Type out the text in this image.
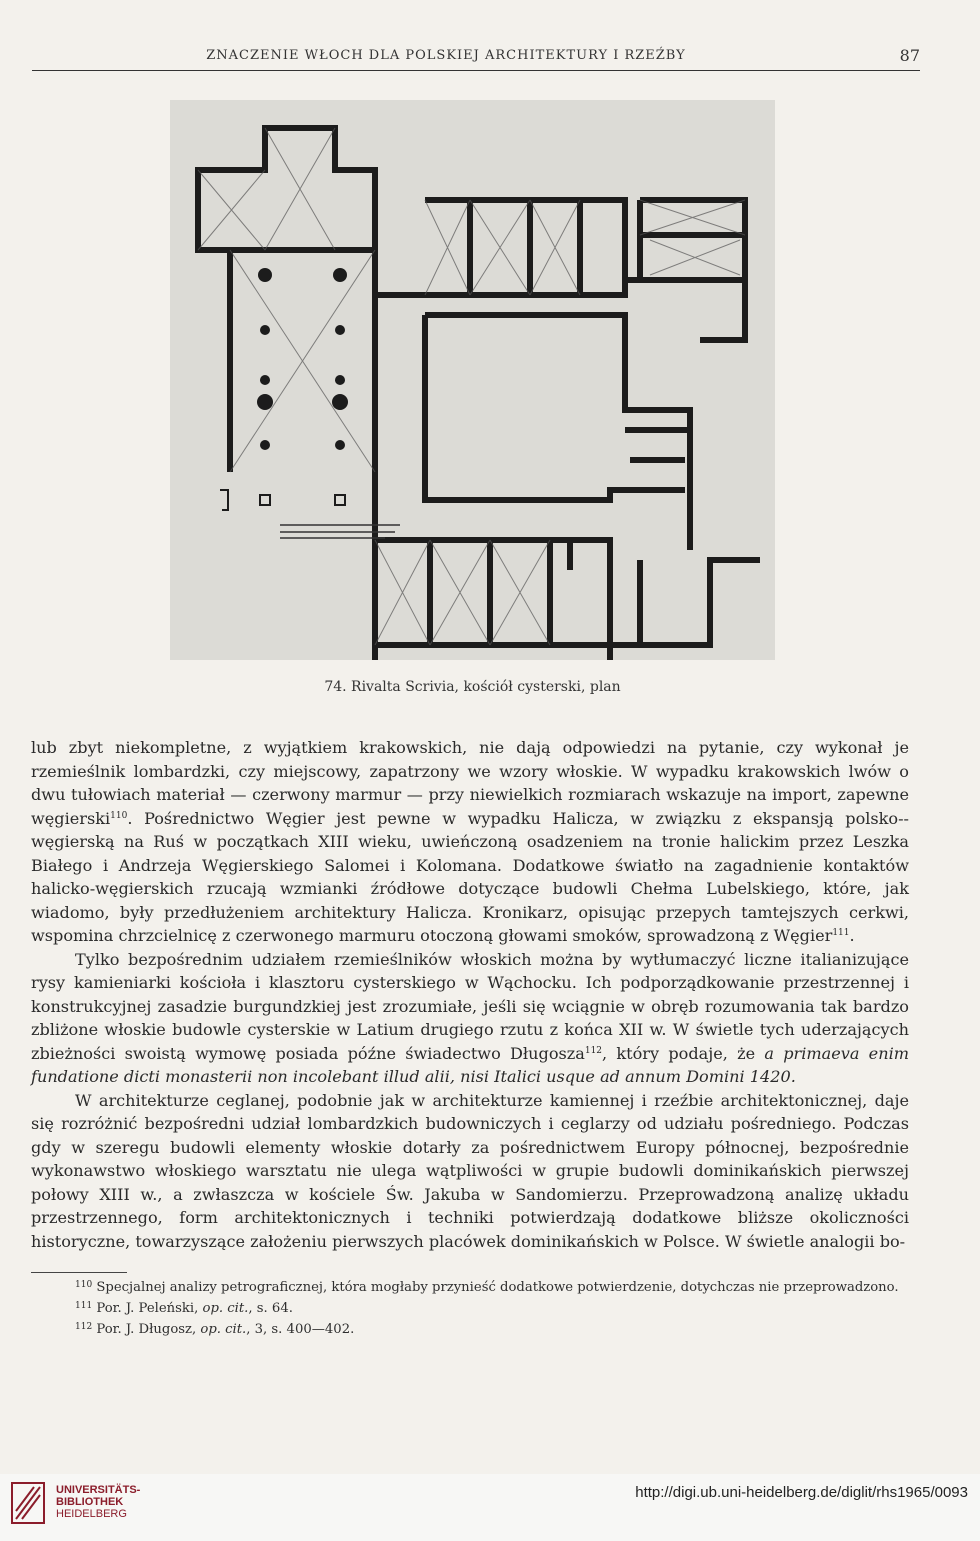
ZNACZENIE WŁOCH DLA POLSKIEJ ARCHITEKTURY I RZEŹBY	87
74. Rivalta Scrivia, kościół cysterski, plan

lub zbyt niekompletne, z wyjątkiem krakowskich, nie dają odpowiedzi na pytanie, czy wykonał je rzemieślnik lombardzki, czy miejscowy, zapatrzony we wzory włoskie. W wypadku krakowskich lwów o dwu tułowiach materiał — czerwony marmur — przy niewielkich rozmiarach wskazuje na import, zapewne węgierski$^{110}$. Pośrednictwo Węgier jest pewne w wypadku Halicza, w związku z ekspansją polsko--węgierską na Ruś w początkach XIII wieku, uwieńczoną osadzeniem na tronie halickim przez Leszka Białego i Andrzeja Węgierskiego Salomei i Kolomana. Dodatkowe światło na zagadnienie kontaktów halicko-węgierskich rzucają wzmianki źródłowe dotyczące budowli Chełma Lubelskiego, które, jak wiadomo, były przedłużeniem architektury Halicza. Kronikarz, opisując przepych tamtejszych cerkwi, wspomina chrzcielnicę z czerwonego marmuru otoczoną głowami smoków, sprowadzoną z Węgier$^{111}$.

Tylko bezpośrednim udziałem rzemieślników włoskich można by wytłumaczyć liczne italianizujące rysy kamieniarki kościoła i klasztoru cysterskiego w Wąchocku. Ich podporządkowanie przestrzennej i konstrukcyjnej zasadzie burgundzkiej jest zrozumiałe, jeśli się wciągnie w obręb rozumowania tak bardzo zbliżone włoskie budowle cysterskie w Latium drugiego rzutu z końca XII w. W świetle tych uderzających zbieżności swoistą wymowę posiada późne świadectwo Długosza$^{112}$, który podaje, że a primaeva enim fundatione dicti monasterii non incolebant illud alii, nisi Italici usque ad annum Domini 1420.

W architekturze ceglanej, podobnie jak w architekturze kamiennej i rzeźbie architektonicznej, daje się rozróżnić bezpośredni udział lombardzkich budowniczych i ceglarzy od udziału pośredniego. Podczas gdy w szeregu budowli elementy włoskie dotarły za pośrednictwem Europy północnej, bezpośrednie wykonawstwo włoskiego warsztatu nie ulega wątpliwości w grupie budowli dominikańskich pierwszej połowy XIII w., a zwłaszcza w kościele Św. Jakuba w Sandomierzu. Przeprowadzoną analizę układu przestrzennego, form architektonicznych i techniki potwierdzają dodatkowe bliższe okoliczności historyczne, towarzyszące założeniu pierwszych placówek dominikańskich w Polsce. W świetle analogii bo-

$^{110}$ Specjalnej analizy petrograficznej, która mogłaby przynieść dodatkowe potwierdzenie, dotychczas nie przeprowadzono.

$^{111}$ Por. J. Peleński, op. cit., s. 64.

$^{112}$ Por. J. Długosz, op. cit., 3, s. 400—402.

UNIVERSITÄTS-
BIBLIOTHEK
HEIDELBERG
http://digi.ub.uni-heidelberg.de/diglit/rhs1965/0093
